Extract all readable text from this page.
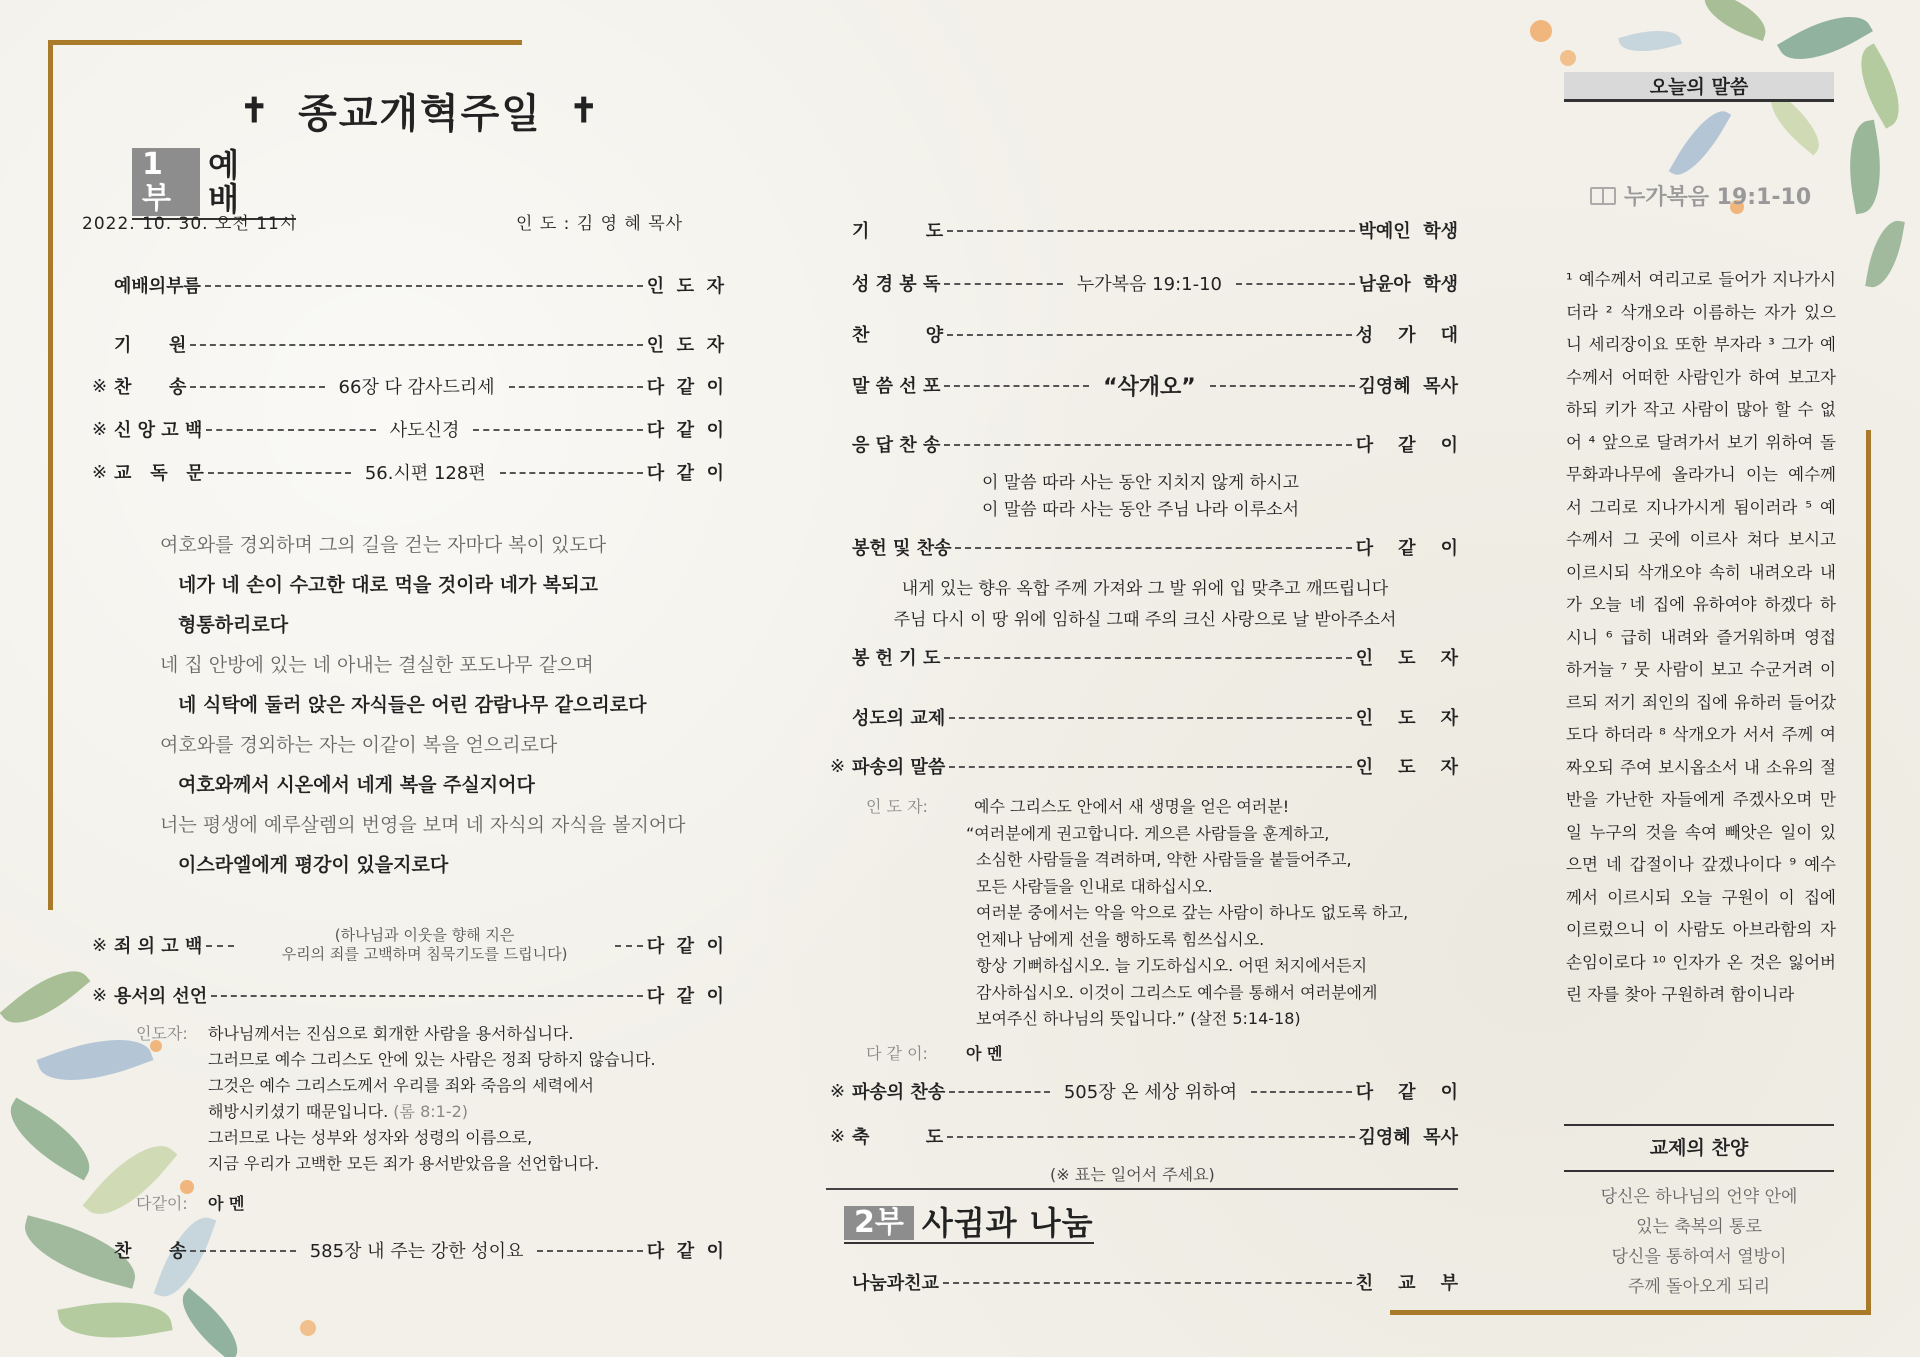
✝ 종교개혁주일 ✝
1부
예 배
2022. 10. 30. 오전 11시	인 도 : 김 영 혜 목사
예배의부름	인  도  자
기      원	인  도  자
※ 찬      송	66장 다 감사드리세	다  같  이
※ 신 앙 고 백	사도신경	다  같  이
※ 교   독   문	56.시편 128편	다  같  이
여호와를 경외하며 그의 길을 걷는 자마다 복이 있도다
네가 네 손이 수고한 대로 먹을 것이라 네가 복되고
형통하리로다
네 집 안방에 있는 네 아내는 결실한 포도나무 같으며
네 식탁에 둘러 앉은 자식들은 어린 감람나무 같으리로다
여호와를 경외하는 자는 이같이 복을 얻으리로다
여호와께서 시온에서 네게 복을 주실지어다
너는 평생에 예루살렘의 번영을 보며 네 자식의 자식을 볼지어다
이스라엘에게 평강이 있을지로다
※ 죄 의 고 백
(하나님과 이웃을 향해 지은
우리의 죄를 고백하며 침묵기도를 드립니다)	다  같  이
※ 용서의 선언	다  같  이
인도자:	하나님께서는 진심으로 회개한 사람을 용서하십니다.
그러므로 예수 그리스도 안에 있는 사람은 정죄 당하지 않습니다.
그것은 예수 그리스도께서 우리를 죄와 죽음의 세력에서
해방시키셨기 때문입니다. (롬 8:1-2)
그러므로 나는 성부와 성자와 성령의 이름으로,
지금 우리가 고백한 모든 죄가 용서받았음을 선언합니다.
다같이:	아 멘
찬      송	585장 내 주는 강한 성이요	다  같  이
기         도	박예인  학생
성 경 봉 독	누가복음 19:1-10	남윤아  학생
찬         양	성    가    대
말 씀 선 포	“삭개오”	김영혜  목사
응 답 찬 송	다    같    이
이 말씀 따라 사는 동안 지치지 않게 하시고
이 말씀 따라 사는 동안 주님 나라 이루소서
봉헌 및 찬송	다    같    이
내게 있는 향유 옥합 주께 가져와 그 발 위에 입 맞추고 깨뜨립니다
주님 다시 이 땅 위에 임하실 그때 주의 크신 사랑으로 날 받아주소서
봉 헌 기 도	인    도    자
성도의 교제	인    도    자
※ 파송의 말씀	인    도    자
인 도 자:	예수 그리스도 안에서 새 생명을 얻은 여러분!
“여러분에게 권고합니다. 게으른 사람들을 훈계하고,
소심한 사람들을 격려하며, 약한 사람들을 붙들어주고,
모든 사람들을 인내로 대하십시오.
여러분 중에서는 악을 악으로 갚는 사람이 하나도 없도록 하고,
언제나 남에게 선을 행하도록 힘쓰십시오.
항상 기뻐하십시오. 늘 기도하십시오. 어떤 처지에서든지
감사하십시오. 이것이 그리스도 예수를 통해서 여러분에게
보여주신 하나님의 뜻입니다.” (살전 5:14-18)
다 같 이:	아 멘
※ 파송의 찬송	505장 온 세상 위하여	다    같    이
※ 축         도	김영혜  목사
(※ 표는 일어서 주세요)
2부 사귐과 나눔
나눔과친교	친    교    부
오늘의 말씀
누가복음 19:1-10
¹ 예수께서 여리고로 들어가 지나가시더라 ² 삭개오라 이름하는 자가 있으니 세리장이요 또한 부자라 ³ 그가 예수께서 어떠한 사람인가 하여 보고자 하되 키가 작고 사람이 많아 할 수 없어 ⁴ 앞으로 달려가서 보기 위하여 돌무화과나무에 올라가니 이는 예수께서 그리로 지나가시게 됨이러라 ⁵ 예수께서 그 곳에 이르사 쳐다 보시고 이르시되 삭개오야 속히 내려오라 내가 오늘 네 집에 유하여야 하겠다 하시니 ⁶ 급히 내려와 즐거워하며 영접하거늘 ⁷ 뭇 사람이 보고 수군거려 이르되 저기 죄인의 집에 유하러 들어갔도다 하더라 ⁸ 삭개오가 서서 주께 여짜오되 주여 보시옵소서 내 소유의 절반을 가난한 자들에게 주겠사오며 만일 누구의 것을 속여 빼앗은 일이 있으면 네 갑절이나 갚겠나이다 ⁹ 예수께서 이르시되 오늘 구원이 이 집에 이르렀으니 이 사람도 아브라함의 자손임이로다 ¹⁰ 인자가 온 것은 잃어버린 자를 찾아 구원하려 함이니라
교제의 찬양
당신은 하나님의 언약 안에
있는 축복의 통로
당신을 통하여서 열방이
주께 돌아오게 되리
